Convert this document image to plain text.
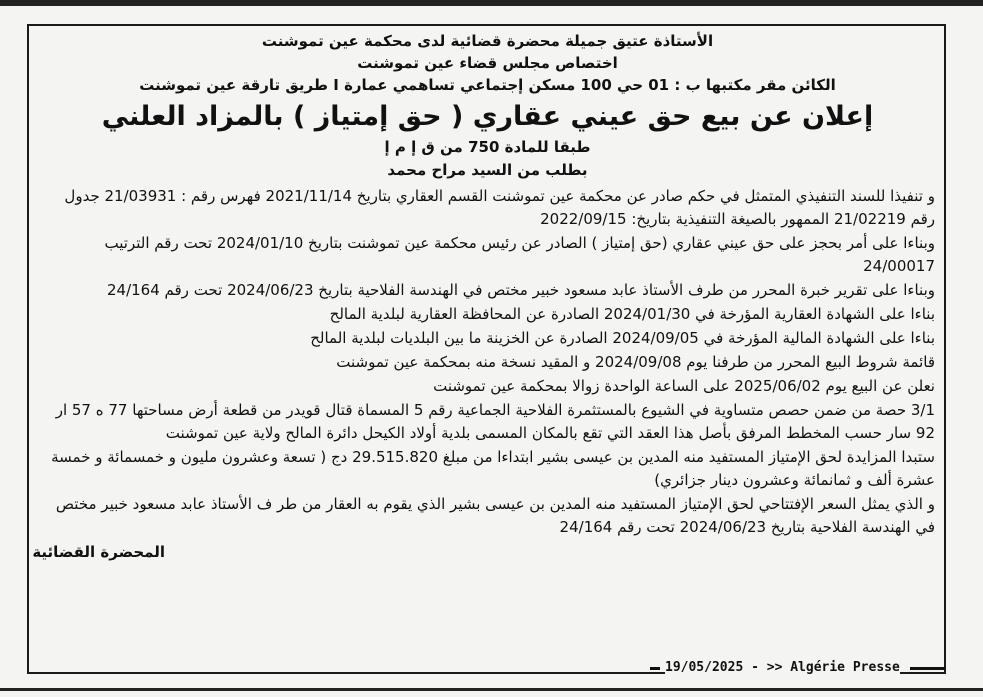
الأستاذة عتيق جميلة محضرة قضائية لدى محكمة عين تموشنت

اختصاص مجلس قضاء عين تموشنت

الكائن مقر مكتبها ب : 01 حي 100 مسكن إجتماعي تساهمي عمارة I طريق تارقة عين تموشنت

إعلان عن بيع حق عيني عقاري ( حق إمتياز ) بالمزاد العلني

طبقا للمادة 750 من ق إ م إ

بطلب من السيد مراح محمد

و تنفيذا للسند التنفيذي المتمثل في حكم صادر عن محكمة عين تموشنت القسم العقاري بتاريخ 2021/11/14 فهرس رقم : 21/03931 جدول رقم 21/02219 الممهور بالصيغة التنفيذية بتاريخ: 2022/09/15

وبناءا على أمر بحجز على حق عيني عقاري (حق إمتياز ) الصادر عن رئيس محكمة عين تموشنت بتاريخ 2024/01/10 تحت رقم الترتيب 24/00017

وبناءا على تقرير خبرة المحرر من طرف الأستاذ عابد مسعود خبير مختص في الهندسة الفلاحية بتاريخ 2024/06/23 تحت رقم 24/164

بناءا على الشهادة العقارية المؤرخة في 2024/01/30 الصادرة عن المحافظة العقارية لبلدية المالح

بناءا على الشهادة المالية المؤرخة في 2024/09/05 الصادرة عن الخزينة ما بين البلديات لبلدية المالح

قائمة شروط البيع المحرر من طرفنا يوم 2024/09/08 و المقيد نسخة منه بمحكمة عين تموشنت

نعلن عن البيع يوم 2025/06/02 على الساعة الواحدة زوالا بمحكمة عين تموشنت

3/1 حصة من ضمن حصص متساوية في الشيوع بالمستثمرة الفلاحية الجماعية رقم 5 المسماة قتال قويدر من قطعة أرض مساحتها 77 ه 57 ار 92 سار حسب المخطط المرفق بأصل هذا العقد التي تقع بالمكان المسمى بلدية أولاد الكيحل دائرة المالح ولاية عين تموشنت

ستبدا المزايدة لحق الإمتياز المستفيد منه المدين بن عيسى بشير ابتداءا من مبلغ 29.515.820 دج ( تسعة وعشرون مليون و خمسمائة و خمسة عشرة ألف و ثمانمائة وعشرون دينار جزائري)

و الذي يمثل السعر الإفتتاحي لحق الإمتياز المستفيد منه المدين بن عيسى بشير الذي يقوم به العقار من طر ف الأستاذ عابد مسعود خبير مختص في الهندسة الفلاحية بتاريخ 2024/06/23 تحت رقم 24/164

المحضرة القضائية
19/05/2025 - >> Algérie Presse
